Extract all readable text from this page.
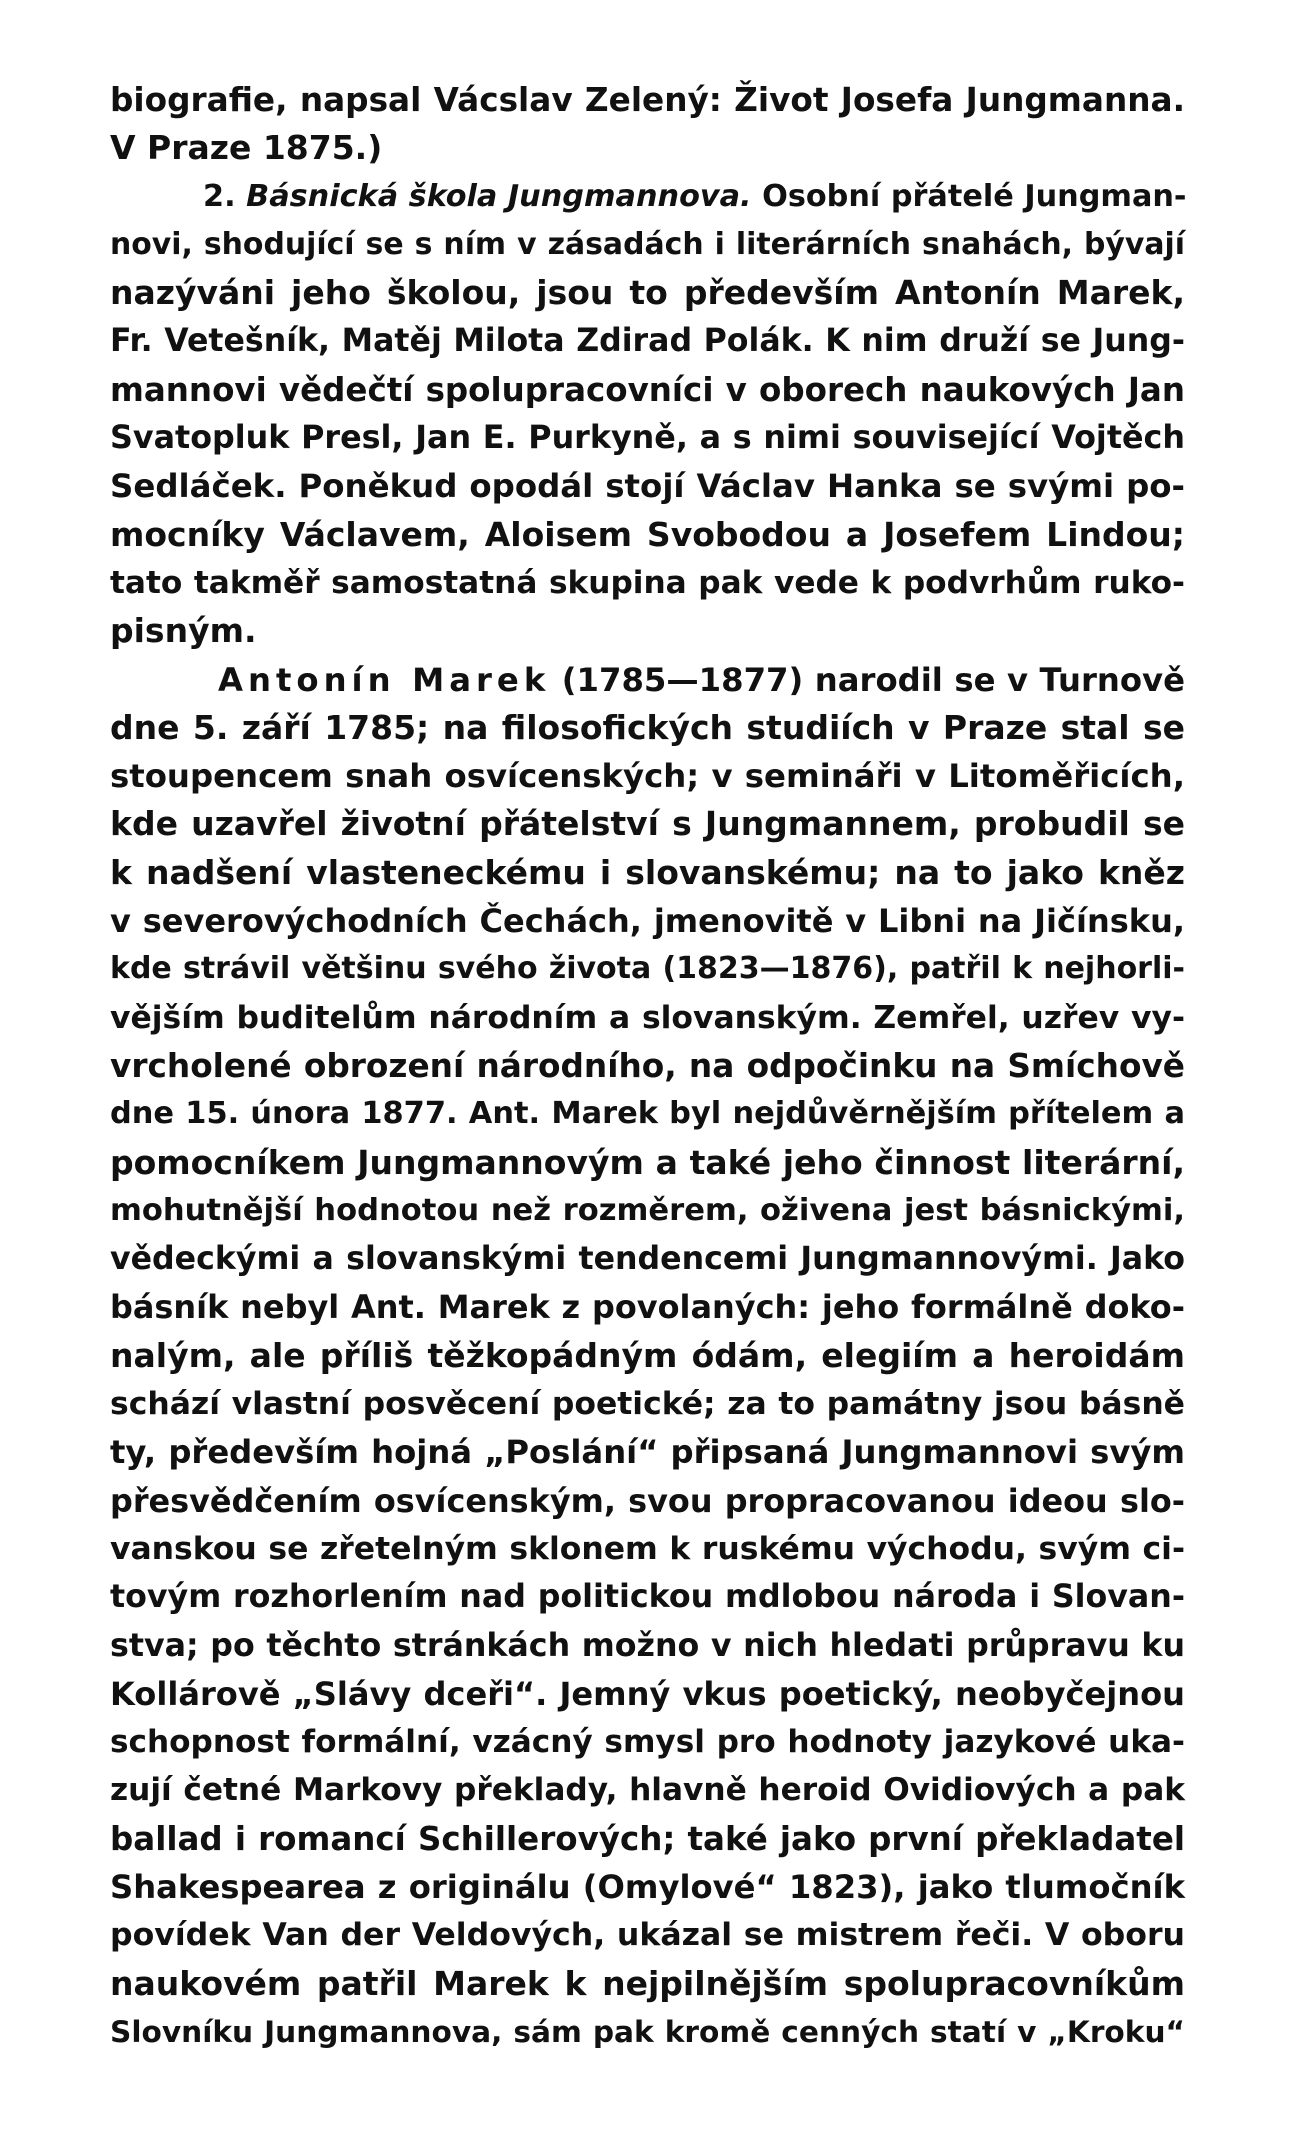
biografie, napsal Vácslav Zelený: Život Josefa Jungmanna.
V Praze 1875.)
2. Básnická škola Jungmannova. Osobní přátelé Jungman-
novi, shodující se s ním v zásadách i literárních snahách, bývají
nazýváni jeho školou, jsou to především Antonín Marek,
Fr. Vetešník, Matěj Milota Zdirad Polák. K nim druží se Jung-
mannovi vědečtí spolupracovníci v oborech naukových Jan
Svatopluk Presl, Jan E. Purkyně, a s nimi související Vojtěch
Sedláček. Poněkud opodál stojí Václav Hanka se svými po-
mocníky Václavem, Aloisem Svobodou a Josefem Lindou;
tato takměř samostatná skupina pak vede k podvrhům ruko-
pisným.
Antonín Marek (1785—1877) narodil se v Turnově
dne 5. září 1785; na filosofických studiích v Praze stal se
stoupencem snah osvícenských; v semináři v Litoměřicích,
kde uzavřel životní přátelství s Jungmannem, probudil se
k nadšení vlasteneckému i slovanskému; na to jako kněz
v severovýchodních Čechách, jmenovitě v Libni na Jičínsku,
kde strávil většinu svého života (1823—1876), patřil k nejhorli-
vějším buditelům národním a slovanským. Zemřel, uzřev vy-
vrcholené obrození národního, na odpočinku na Smíchově
dne 15. února 1877. Ant. Marek byl nejdůvěrnějším přítelem a
pomocníkem Jungmannovým a také jeho činnost literární,
mohutnější hodnotou než rozměrem, oživena jest básnickými,
vědeckými a slovanskými tendencemi Jungmannovými. Jako
básník nebyl Ant. Marek z povolaných: jeho formálně doko-
nalým, ale příliš těžkopádným ódám, elegiím a heroidám
schází vlastní posvěcení poetické; za to památny jsou básně
ty, především hojná „Poslání“ připsaná Jungmannovi svým
přesvědčením osvícenským, svou propracovanou ideou slo-
vanskou se zřetelným sklonem k ruskému východu, svým ci-
tovým rozhorlením nad politickou mdlobou národa i Slovan-
stva; po těchto stránkách možno v nich hledati průpravu ku
Kollárově „Slávy dceři“. Jemný vkus poetický, neobyčejnou
schopnost formální, vzácný smysl pro hodnoty jazykové uka-
zují četné Markovy překlady, hlavně heroid Ovidiových a pak
ballad i romancí Schillerových; také jako první překladatel
Shakespearea z originálu (Omylové“ 1823), jako tlumočník
povídek Van der Veldových, ukázal se mistrem řeči. V oboru
naukovém patřil Marek k nejpilnějším spolupracovníkům
Slovníku Jungmannova, sám pak kromě cenných statí v „Kroku“
